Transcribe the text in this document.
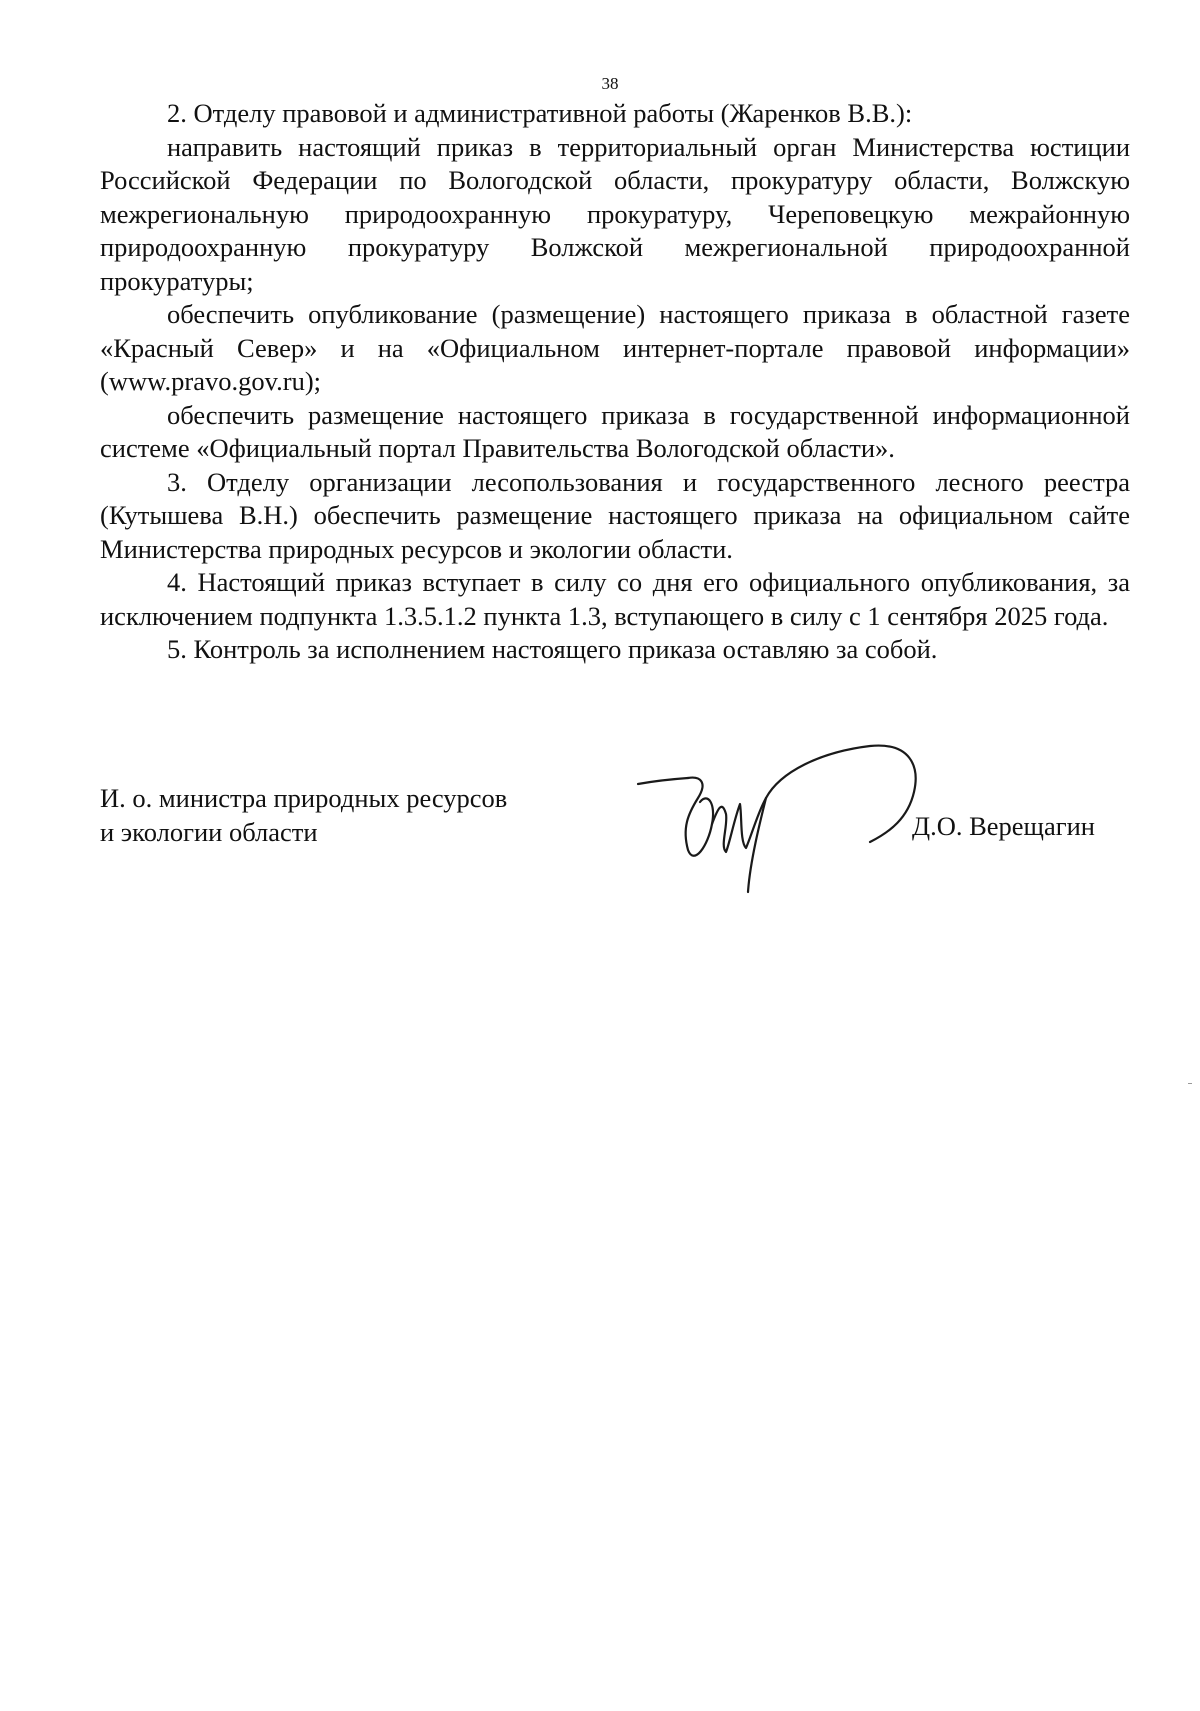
38

2. Отделу правовой и административной работы (Жаренков В.В.):

направить настоящий приказ в территориальный орган Министерства юстиции Российской Федерации по Вологодской области, прокуратуру области, Волжскую межрегиональную природоохранную прокуратуру, Череповецкую межрайонную природоохранную прокуратуру Волжской межрегиональной природоохранной прокуратуры;

обеспечить опубликование (размещение) настоящего приказа в областной газете «Красный Север» и на «Официальном интернет-портале правовой информации» (www.pravo.gov.ru);

обеспечить размещение настоящего приказа в государственной информационной системе «Официальный портал Правительства Вологодской области».

3. Отделу организации лесопользования и государственного лесного реестра (Кутышева В.Н.) обеспечить размещение настоящего приказа на официальном сайте Министерства природных ресурсов и экологии области.

4. Настоящий приказ вступает в силу со дня его официального опубликования, за исключением подпункта 1.3.5.1.2 пункта 1.3, вступающего в силу с 1 сентября 2025 года.

5. Контроль за исполнением настоящего приказа оставляю за собой.

И. о. министра природных ресурсов
и экологии области	Д.О. Верещагин
